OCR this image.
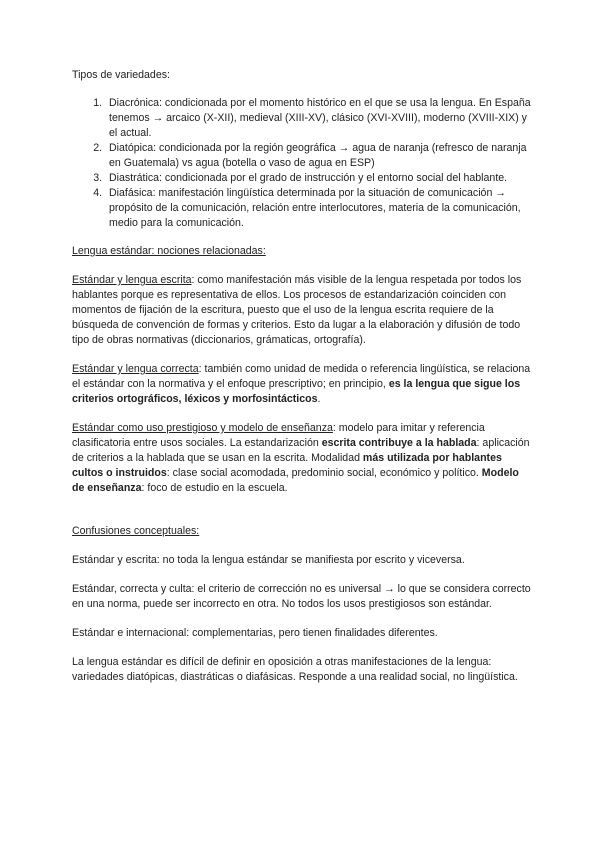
Tipos de variedades:

1. Diacrónica: condicionada por el momento histórico en el que se usa la lengua. En España tenemos → arcaico (X-XII), medieval (XIII-XV), clásico (XVI-XVIII), moderno (XVIII-XIX) y el actual.
2. Diatópica: condicionada por la región geográfica → agua de naranja (refresco de naranja en Guatemala) vs agua (botella o vaso de agua en ESP)
3. Diastrática: condicionada por el grado de instrucción y el entorno social del hablante.
4. Diafásica: manifestación lingüística determinada por la situación de comunicación → propósito de la comunicación, relación entre interlocutores, materia de la comunicación, medio para la comunicación.

Lengua estándar: nociones relacionadas:

Estándar y lengua escrita: como manifestación más visible de la lengua respetada por todos los hablantes porque es representativa de ellos. Los procesos de estandarización coinciden con momentos de fijación de la escritura, puesto que el uso de la lengua escrita requiere de la búsqueda de convención de formas y criterios. Esto da lugar a la elaboración y difusión de todo tipo de obras normativas (diccionarios, grámaticas, ortografía).

Estándar y lengua correcta: también como unidad de medida o referencia lingüística, se relaciona el estándar con la normativa y el enfoque prescriptivo; en principio, es la lengua que sigue los criterios ortográficos, léxicos y morfosintácticos.

Estándar como uso prestigioso y modelo de enseñanza: modelo para imitar y referencia clasificatoria entre usos sociales. La estandarización escrita contribuye a la hablada: aplicación de criterios a la hablada que se usan en la escrita. Modalidad más utilizada por hablantes cultos o instruidos: clase social acomodada, predominio social, económico y político. Modelo de enseñanza: foco de estudio en la escuela.

Confusiones conceptuales:

Estándar y escrita: no toda la lengua estándar se manifiesta por escrito y viceversa.

Estándar, correcta y culta: el criterio de corrección no es universal → lo que se considera correcto en una norma, puede ser incorrecto en otra. No todos los usos prestigiosos son estándar.

Estándar e internacional: complementarias, pero tienen finalidades diferentes.

La lengua estándar es difícil de definir en oposición a otras manifestaciones de la lengua: variedades diatópicas, diastráticas o diafásicas. Responde a una realidad social, no lingüística.
